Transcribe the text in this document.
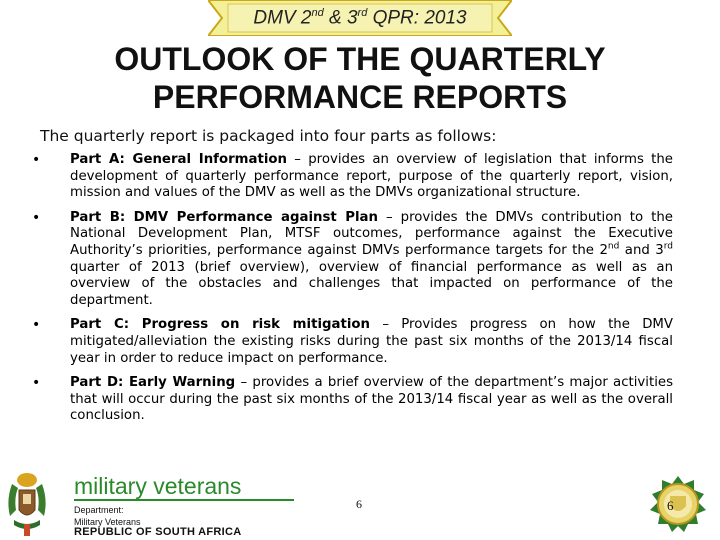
DMV 2nd & 3rd QPR: 2013
OUTLOOK OF THE QUARTERLY
PERFORMANCE REPORTS

The quarterly report is packaged into four parts as follows:

• Part A: General Information – provides an overview of legislation that informs the development of quarterly performance report, purpose of the quarterly report, vision, mission and values of the DMV as well as the DMVs organizational structure.
• Part B: DMV Performance against Plan – provides the DMVs contribution to the National Development Plan, MTSF outcomes, performance against the Executive Authority’s priorities, performance against DMVs performance targets for the 2nd and 3rd quarter of 2013 (brief overview), overview of financial performance as well as an overview of the obstacles and challenges that impacted on performance of the department.
• Part C: Progress on risk mitigation – Provides progress on how the DMV mitigated/alleviation the existing risks during the past six months of the 2013/14 fiscal year in order to reduce impact on performance.
• Part D: Early Warning – provides a brief overview of the department’s major activities that will occur during the past six months of the 2013/14 fiscal year as well as the overall conclusion.
military veterans
Department:
Military Veterans
REPUBLIC OF SOUTH AFRICA
6	6
